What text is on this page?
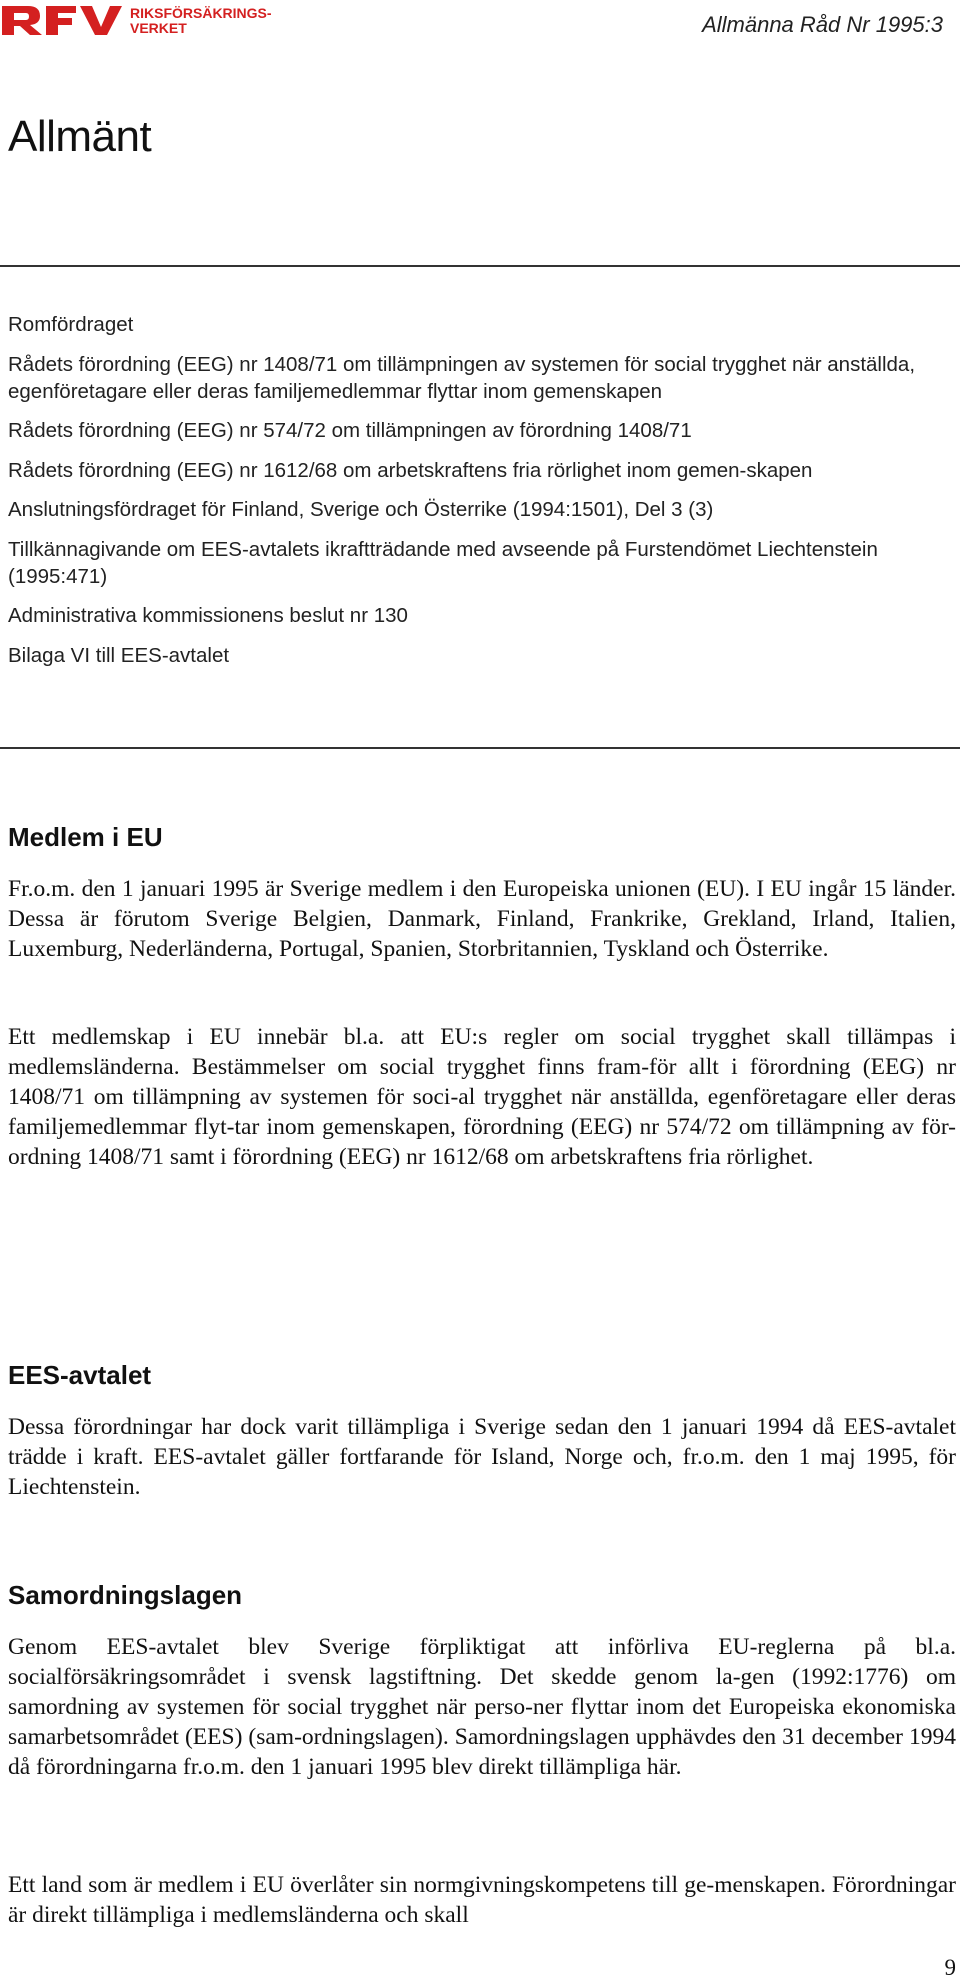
RIKSFÖRSÄKRINGS-
VERKET	Allmänna Råd Nr 1995:3
Allmänt
Romfördraget
Rådets förordning (EEG) nr 1408/71 om tillämpningen av systemen för social trygghet när anställda, egenföretagare eller deras familjemedlemmar flyttar inom gemenskapen
Rådets förordning (EEG) nr 574/72 om tillämpningen av förordning 1408/71
Rådets förordning (EEG) nr 1612/68 om arbetskraftens fria rörlighet inom gemen-skapen
Anslutningsfördraget för Finland, Sverige och Österrike (1994:1501), Del 3 (3)
Tillkännagivande om EES-avtalets ikraftträdande med avseende på Furstendömet Liechtenstein (1995:471)
Administrativa kommissionens beslut nr 130
Bilaga VI till EES-avtalet
Medlem i EU

Fr.o.m. den 1 januari 1995 är Sverige medlem i den Europeiska unionen (EU). I EU ingår 15 länder. Dessa är förutom Sverige Belgien, Danmark, Finland, Frankrike, Grekland, Irland, Italien, Luxemburg, Nederländerna, Portugal, Spanien, Storbritannien, Tyskland och Österrike.

Ett medlemskap i EU innebär bl.a. att EU:s regler om social trygghet skall tillämpas i medlemsländerna. Bestämmelser om social trygghet finns fram-för allt i förordning (EEG) nr 1408/71 om tillämpning av systemen för soci-al trygghet när anställda, egenföretagare eller deras familjemedlemmar flyt-tar inom gemenskapen, förordning (EEG) nr 574/72 om tillämpning av för-ordning 1408/71 samt i förordning (EEG) nr 1612/68 om arbetskraftens fria rörlighet.

EES-avtalet

Dessa förordningar har dock varit tillämpliga i Sverige sedan den 1 januari 1994 då EES-avtalet trädde i kraft. EES-avtalet gäller fortfarande för Island, Norge och, fr.o.m. den 1 maj 1995, för Liechtenstein.

Samordningslagen

Genom EES-avtalet blev Sverige förpliktigat att införliva EU-reglerna på bl.a. socialförsäkringsområdet i svensk lagstiftning. Det skedde genom la-gen (1992:1776) om samordning av systemen för social trygghet när perso-ner flyttar inom det Europeiska ekonomiska samarbetsområdet (EES) (sam-ordningslagen). Samordningslagen upphävdes den 31 december 1994 då förordningarna fr.o.m. den 1 januari 1995 blev direkt tillämpliga här.

Ett land som är medlem i EU överlåter sin normgivningskompetens till ge-menskapen. Förordningar är direkt tillämpliga i medlemsländerna och skall

9
